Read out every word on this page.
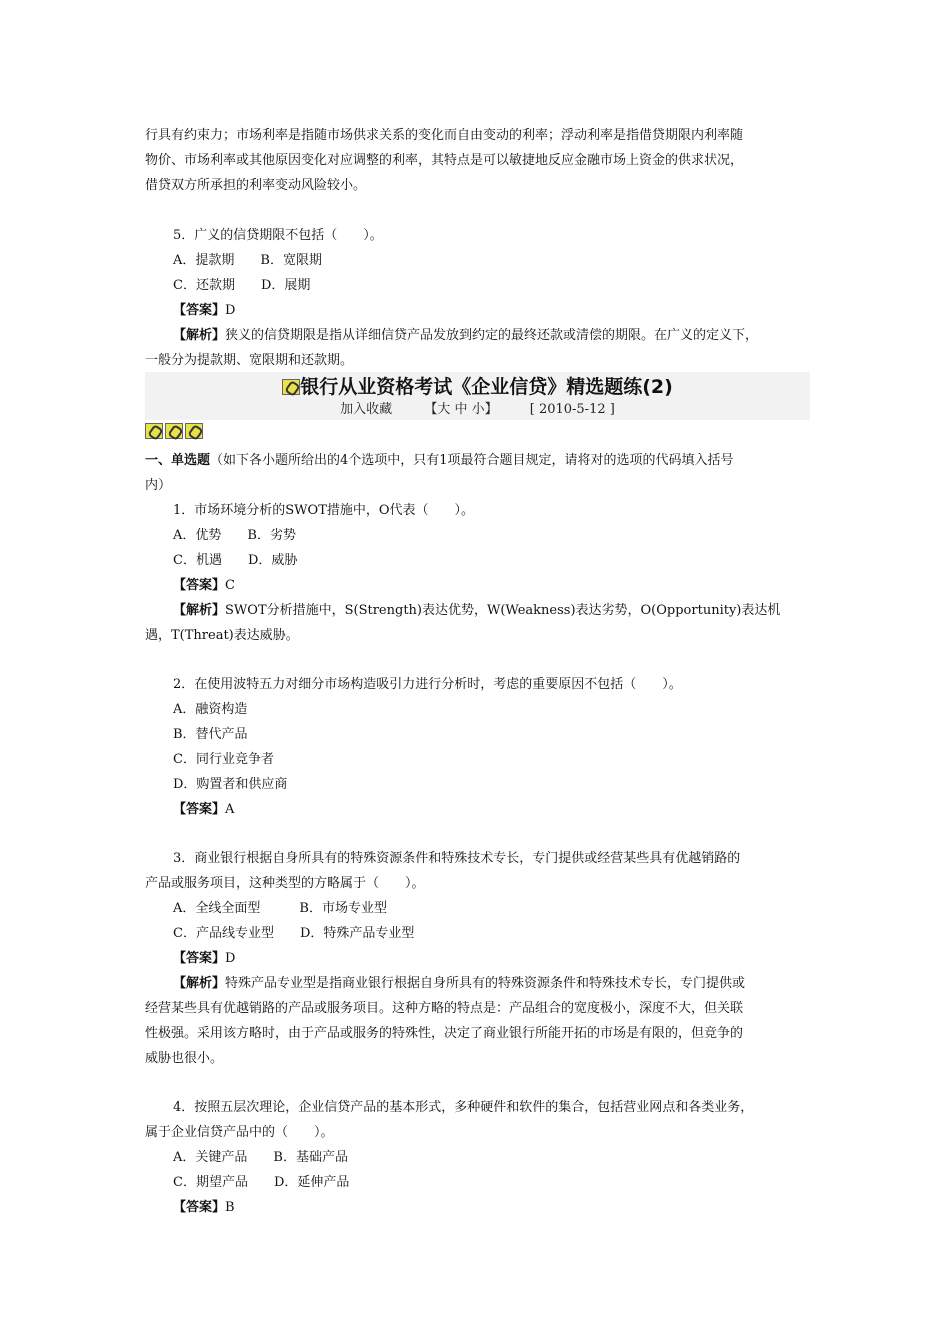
行具有约束力；市场利率是指随市场供求关系的变化而自由变动的利率；浮动利率是指借贷期限内利率随
物价、市场利率或其他原因变化对应调整的利率，其特点是可以敏捷地反应金融市场上资金的供求状况，
借贷双方所承担的利率变动风险较小。
5．广义的信贷期限不包括（　　）。
A．提款期　　B．宽限期
C．还款期　　D．展期
【答案】D
【解析】狭义的信贷期限是指从详细信贷产品发放到约定的最终还款或清偿的期限。在广义的定义下，
一般分为提款期、宽限期和还款期。
银行从业资格考试《企业信贷》精选题练(2)
加入收藏 【大 中 小】 [ 2010-5-12 ]
一、单选题（如下各小题所给出的4个选项中，只有1项最符合题目规定，请将对的选项的代码填入括号
内）
1．市场环境分析的SWOT措施中，O代表（　　）。
A．优势　　B．劣势
C．机遇　　D．威胁
【答案】C
【解析】SWOT分析措施中，S(Strength)表达优势，W(Weakness)表达劣势，O(Opportunity)表达机
遇，T(Threat)表达威胁。
2．在使用波特五力对细分市场构造吸引力进行分析时，考虑的重要原因不包括（　　）。
A．融资构造
B．替代产品
C．同行业竞争者
D．购置者和供应商
【答案】A
3．商业银行根据自身所具有的特殊资源条件和特殊技术专长，专门提供或经营某些具有优越销路的
产品或服务项目，这种类型的方略属于（　　）。
A．全线全面型　　　B．市场专业型
C．产品线专业型　　D．特殊产品专业型
【答案】D
【解析】特殊产品专业型是指商业银行根据自身所具有的特殊资源条件和特殊技术专长，专门提供或
经营某些具有优越销路的产品或服务项目。这种方略的特点是：产品组合的宽度极小，深度不大，但关联
性极强。采用该方略时，由于产品或服务的特殊性，决定了商业银行所能开拓的市场是有限的，但竞争的
威胁也很小。
4．按照五层次理论，企业信贷产品的基本形式，多种硬件和软件的集合，包括营业网点和各类业务，
属于企业信贷产品中的（　　）。
A．关键产品　　B．基础产品
C．期望产品　　D．延伸产品
【答案】B
